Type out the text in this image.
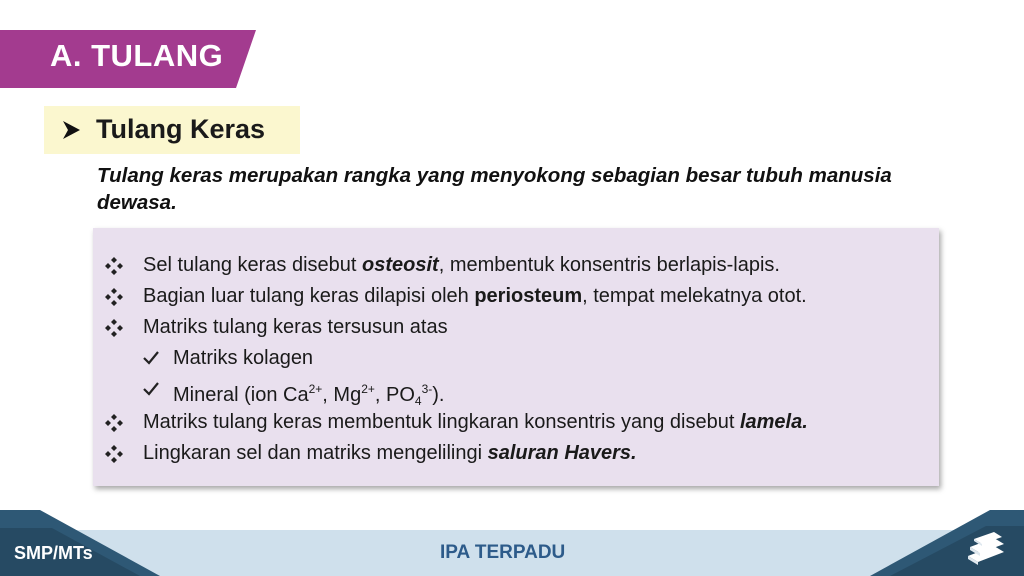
A. TULANG
Tulang Keras
Tulang keras merupakan rangka yang menyokong sebagian besar tubuh manusia dewasa.
Sel tulang keras disebut osteosit, membentuk konsentris berlapis-lapis.
Bagian luar tulang keras dilapisi oleh periosteum, tempat melekatnya otot.
Matriks tulang keras tersusun atas
Matriks kolagen
Mineral (ion $Ca^{2+}$, $Mg^{2+}$, $PO_4^{3-}$).
Matriks tulang keras membentuk lingkaran konsentris yang disebut lamela.
Lingkaran sel dan matriks mengelilingi saluran Havers.
SMP/MTs	IPA TERPADU
